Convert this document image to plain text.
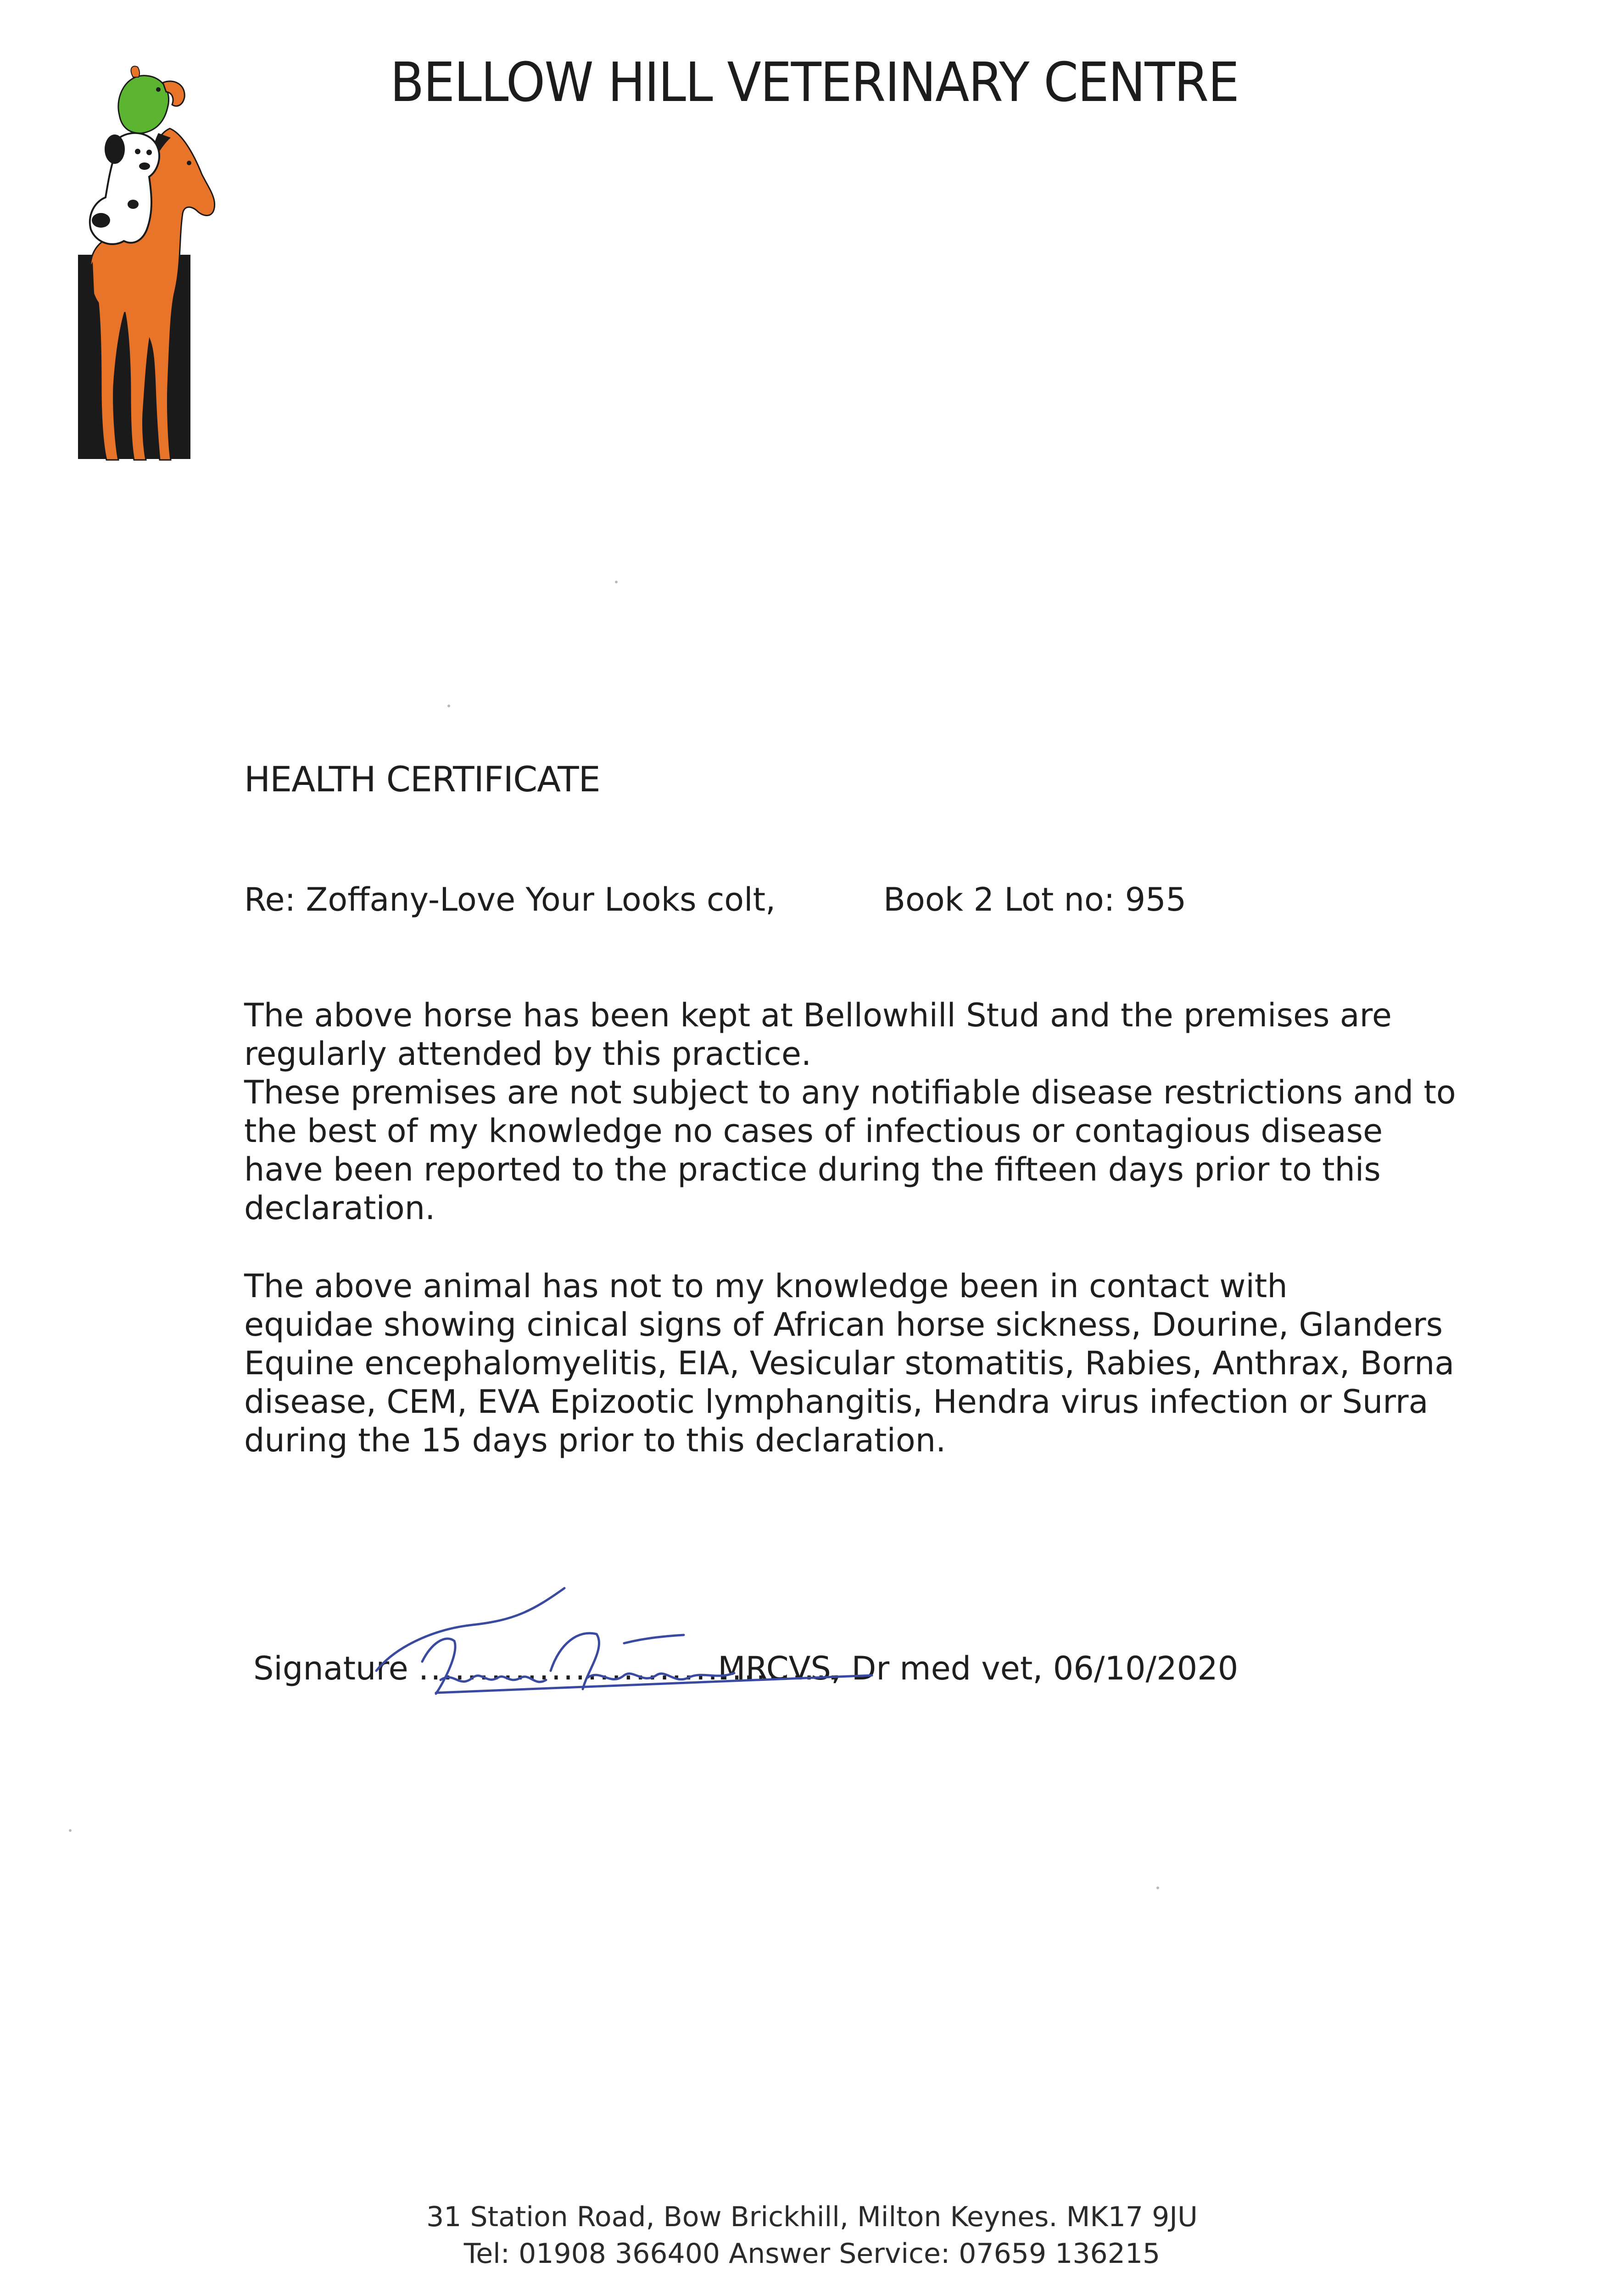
BELLOW HILL VETERINARY CENTRE
HEALTH CERTIFICATE
Re: Zoffany-Love Your Looks colt,	Book 2 Lot no: 955
The above horse has been kept at Bellowhill Stud and the premises are
regularly attended by this practice.
These premises are not subject to any notifiable disease restrictions and to
the best of my knowledge no cases of infectious or contagious disease
have been reported to the practice during the fifteen days prior to this
declaration.
The above animal has not to my knowledge been in contact with
equidae showing cinical signs of African horse sickness, Dourine, Glanders
Equine encephalomyelitis, EIA, Vesicular stomatitis, Rabies, Anthrax, Borna
disease, CEM, EVA Epizootic lymphangitis, Hendra virus infection or Surra
during the 15 days prior to this declaration.
Signature ................................... MRCVS, Dr med vet, 06/10/2020
31 Station Road, Bow Brickhill, Milton Keynes. MK17 9JU
Tel: 01908 366400 Answer Service: 07659 136215
